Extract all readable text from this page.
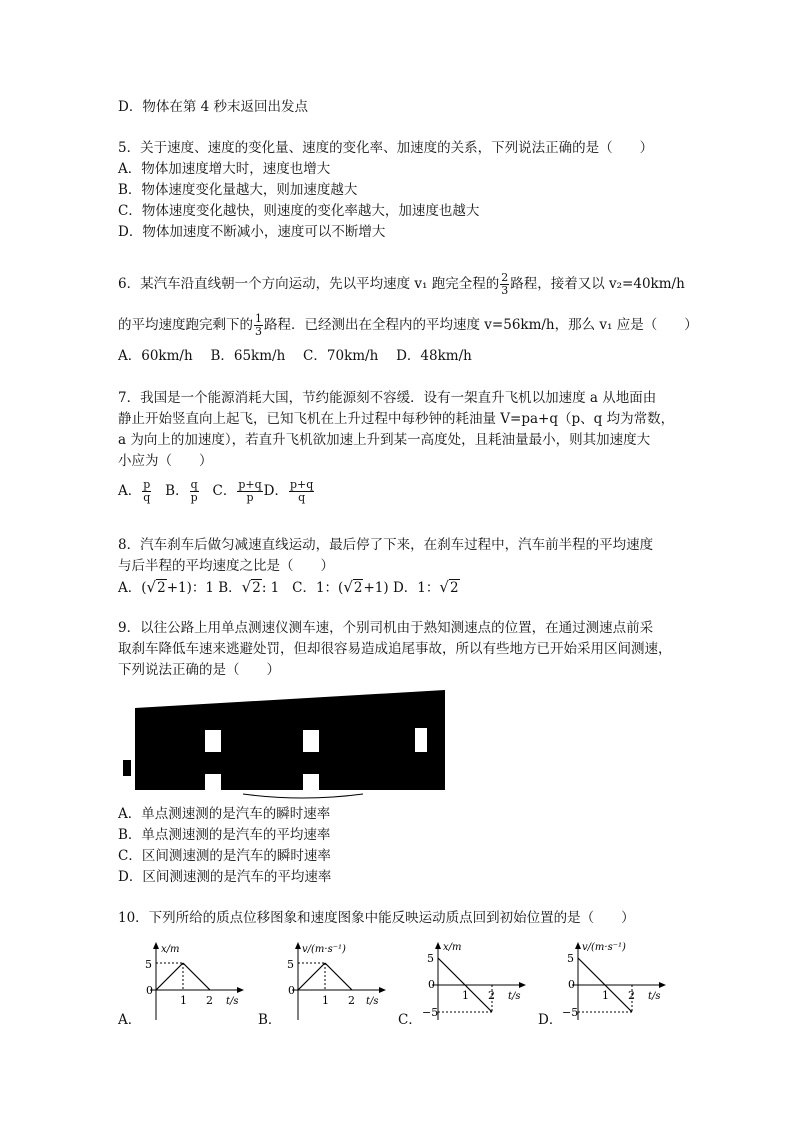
D．物体在第 4 秒末返回出发点
5．关于速度、速度的变化量、速度的变化率、加速度的关系，下列说法正确的是（　　）
A．物体加速度增大时，速度也增大
B．物体速度变化量越大，则加速度越大
C．物体速度变化越快，则速度的变化率越大，加速度也越大
D．物体加速度不断减小，速度可以不断增大
6．某汽车沿直线朝一个方向运动，先以平均速度 v₁ 跑完全程的 $\frac{2}{3}$ 路程，接着又以 v₂=40km/h
的平均速度跑完剩下的 $\frac{1}{3}$ 路程．已经测出在全程内的平均速度 v=56km/h，那么 v₁ 应是（　　）
A．60km/h　 B．65km/h　 C．70km/h　 D．48km/h
7．我国是一个能源消耗大国，节约能源刻不容缓．设有一架直升飞机以加速度 a 从地面由
静止开始竖直向上起飞，已知飞机在上升过程中每秒钟的耗油量 V=pa+q（p、q 均为常数，
a 为向上的加速度），若直升飞机欲加速上升到某一高度处，且耗油量最小，则其加速度大
小应为（　　）
A． $\frac{p}{q}$ B． $\frac{q}{p}$ C． $\frac{p+q}{p}$ D． $\frac{p+q}{q}$
8．汽车刹车后做匀减速直线运动，最后停了下来，在刹车过程中，汽车前半程的平均速度
与后半程的平均速度之比是（　　）
A．(√2+1)：1 B．√2: 1 C．1：(√2+1) D．1：√2
9．以往公路上用单点测速仪测车速，个别司机由于熟知测速点的位置，在通过测速点前采
取刹车降低车速来逃避处罚，但却很容易造成追尾事故，所以有些地方已开始采用区间测速，
下列说法正确的是（　　）
A．单点测速测的是汽车的瞬时速率
B．单点测速测的是汽车的平均速率
C．区间测速测的是汽车的瞬时速率
D．区间测速测的是汽车的平均速率
10．下列所给的质点位移图象和速度图象中能反映运动质点回到初始位置的是（　　）
x/m
5
0
1 2 t/s
A．
v/(m·s⁻¹)
5
0
1 2 t/s
B．
x/m
5
0
−5
1 2 t/s
C．
v/(m·s⁻¹)
5
0
−5
1 2 t/s
D．
